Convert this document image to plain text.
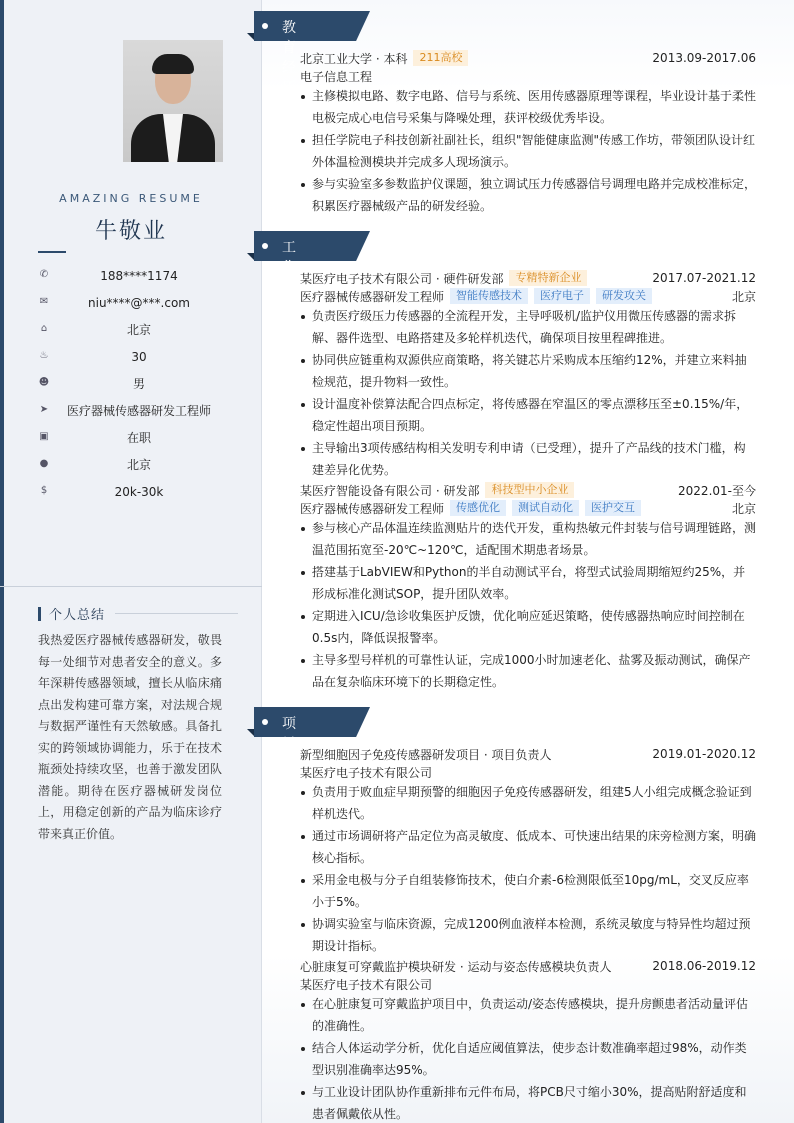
AMAZING RESUME
牛敬业
✆	188****1174
✉	niu****@***.com
⌂	北京
♨	30
☻	男
➤	医疗器械传感器研发工程师
▣	在职
●	北京
$	20k-30k
个人总结
我热爱医疗器械传感器研发，敬畏每一处细节对患者安全的意义。多年深耕传感器领域，擅长从临床痛点出发构建可靠方案，对法规合规与数据严谨性有天然敏感。具备扎实的跨领域协调能力，乐于在技术瓶颈处持续攻坚，也善于激发团队潜能。期待在医疗器械研发岗位上，用稳定创新的产品为临床诊疗带来真正价值。
教育经历
北京工业大学 · 本科	211高校	2013.09-2017.06
电子信息工程
主修模拟电路、数字电路、信号与系统、医用传感器原理等课程，毕业设计基于柔性电极完成心电信号采集与降噪处理，获评校级优秀毕设。
担任学院电子科技创新社副社长，组织"智能健康监测"传感工作坊，带领团队设计红外体温检测模块并完成多人现场演示。
参与实验室多参数监护仪课题，独立调试压力传感器信号调理电路并完成校准标定，积累医疗器械级产品的研发经验。
工作经历
某医疗电子技术有限公司 · 硬件研发部	专精特新企业	2017.07-2021.12
医疗器械传感器研发工程师	智能传感技术	医疗电子	研发攻关	北京
负责医疗级压力传感器的全流程开发，主导呼吸机/监护仪用微压传感器的需求拆解、器件选型、电路搭建及多轮样机迭代，确保项目按里程碑推进。
协同供应链重构双源供应商策略，将关键芯片采购成本压缩约12%，并建立来料抽检规范，提升物料一致性。
设计温度补偿算法配合四点标定，将传感器在窄温区的零点漂移压至±0.15%/年，稳定性超出项目预期。
主导输出3项传感结构相关发明专利申请（已受理），提升了产品线的技术门槛，构建差异化优势。
某医疗智能设备有限公司 · 研发部	科技型中小企业	2022.01-至今
医疗器械传感器研发工程师	传感优化	测试自动化	医护交互	北京
参与核心产品体温连续监测贴片的迭代开发，重构热敏元件封装与信号调理链路，测温范围拓宽至-20℃~120℃，适配围术期患者场景。
搭建基于LabVIEW和Python的半自动测试平台，将型式试验周期缩短约25%，并形成标准化测试SOP，提升团队效率。
定期进入ICU/急诊收集医护反馈，优化响应延迟策略，使传感器热响应时间控制在0.5s内，降低误报警率。
主导多型号样机的可靠性认证，完成1000小时加速老化、盐雾及振动测试，确保产品在复杂临床环境下的长期稳定性。
项目经历
新型细胞因子免疫传感器研发项目 · 项目负责人	2019.01-2020.12
某医疗电子技术有限公司
负责用于败血症早期预警的细胞因子免疫传感器研发，组建5人小组完成概念验证到样机迭代。
通过市场调研将产品定位为高灵敏度、低成本、可快速出结果的床旁检测方案，明确核心指标。
采用金电极与分子自组装修饰技术，使白介素-6检测限低至10pg/mL，交叉反应率小于5%。
协调实验室与临床资源，完成1200例血液样本检测，系统灵敏度与特异性均超过预期设计指标。
心脏康复可穿戴监护模块研发 · 运动与姿态传感模块负责人	2018.06-2019.12
某医疗电子技术有限公司
在心脏康复可穿戴监护项目中，负责运动/姿态传感模块，提升房颤患者活动量评估的准确性。
结合人体运动学分析，优化自适应阈值算法，使步态计数准确率超过98%，动作类型识别准确率达95%。
与工业设计团队协作重新排布元件布局，将PCB尺寸缩小30%，提高贴附舒适度和患者佩戴依从性。
